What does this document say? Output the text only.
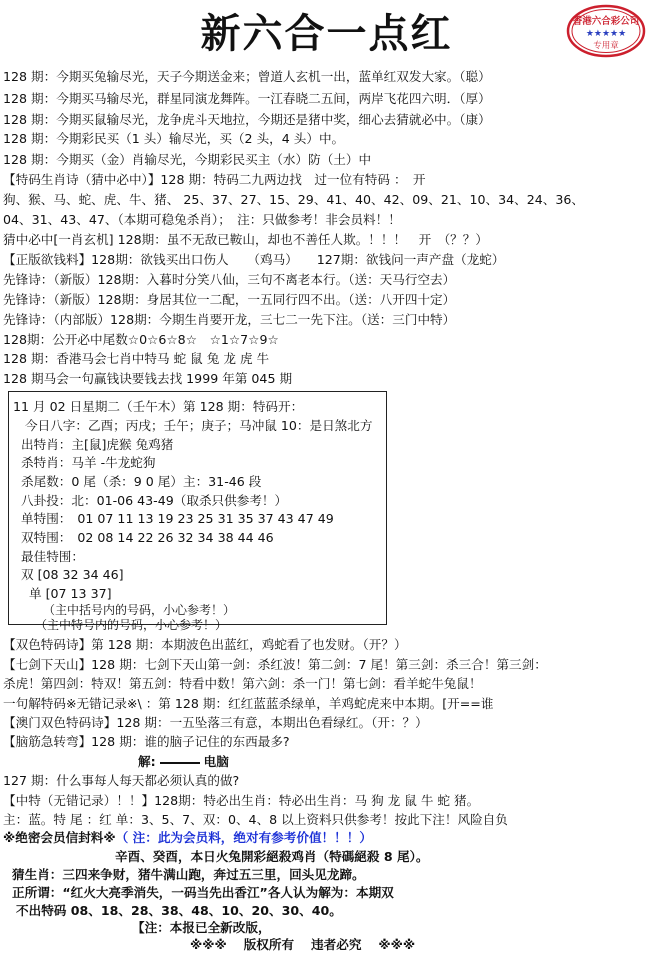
新六合一点红	香港六合彩公司
★★★★★
专用章
128 期：今期买兔输尽光，天子今期送金来；曾道人玄机一出，蓝单红双发大家。（聪）
128 期：今期买马输尽光，群星同演龙舞阵。一江春晓二五间，两岸飞花四六明．（厚）
128 期：今期买鼠输尽光，龙争虎斗天地拉，今期还是猪中奖，细心去猜就必中。（康）
128 期：今期彩民买（1 头）输尽光，买（2 头，4 头）中。
128 期：今期买（金）肖输尽光，今期彩民买主（水）防（土）中
【特码生肖诗（猜中必中）】128 期：特码二九两边找　过一位有特码 ：　开
狗、猴、马、蛇、虎、牛、猪、 25、37、27、15、29、41、40、42、09、21、10、34、24、36、
04、31、43、47、（本期可稳兔杀肖）；　注：只做参考！非会员料！！
猜中必中[一肖玄机] 128期：虽不无敌已鞍山，却也不善任人欺。！！！　开　（？？）
【正版欲钱料】128期：欲钱买出口伤人　　（鸡马）　　127期：欲钱问一声产盘（龙蛇）
先锋诗：（新版）128期：入暮时分笑八仙，三句不离老本行。（送：天马行空去）
先锋诗：（新版）128期：身居其位一二配，一五同行四不出。（送：八开四十定）
先锋诗：（内部版）128期：今期生肖要开龙，三七二一先下注。（送：三门中特）
128期：公开必中尾数☆0☆6☆8☆　☆1☆7☆9☆
128 期：香港马会七肖中特马 蛇 鼠 兔 龙 虎 牛
128 期马会一句赢钱诀要钱去找 1999 年第 045 期
11 月 02 日星期二（壬午木）第 128 期：特码开：
今日八字：乙酉；丙戌；壬午；庚子；马冲鼠 10：是日煞北方
出特肖：主[鼠]虎猴 兔鸡猪
杀特肖：马羊 -牛龙蛇狗
杀尾数：0 尾（杀：9 0 尾）主：31-46 段
八卦投：北：01-06 43-49（取杀只供参考！）
单特围： 01 07 11 13 19 23 25 31 35 37 43 47 49
双特围： 02 08 14 22 26 32 34 38 44 46
最佳特围：
双 [08 32 34 46]
单 [07 13 37]
（主中括号内的号码，小心参考！）
（主中特号内的号码，小心参考！）
【双色特码诗】第 128 期：本期波色出蓝红，鸡蛇看了也发财。（开？）
【七剑下天山】128 期：七剑下天山第一剑：杀红波！第二剑：7 尾！第三剑：杀三合！第三剑：
杀虎！第四剑：特双！第五剑：特看中数！第六剑：杀一门！第七剑：看羊蛇牛兔鼠！
一句解特码※无错记录※\ ：第 128 期：红红蓝蓝杀绿单，羊鸡蛇虎来中本期。[开==谁
【澳门双色特码诗】128 期：一五坠落三有意，本期出色看绿红。（开：？）
【脑筋急转弯】128 期：谁的脑子记住的东西最多?
解:	电脑
127 期：什么事每人每天都必须认真的做?
【中特（无错记录）！！】128期：特必出生肖：特必出生肖：马 狗 龙 鼠 牛 蛇 猪。
主：蓝。特 尾 ：红 单：3、5、7、双：0、4、8 以上资料只供参考！按此下注！风险自负
※绝密会员信封料※（ 注：此为会员料，绝对有参考价值！！！）
辛酉、癸酉，本日火兔開彩絕殺鸡肖（特碼絕殺 8 尾）。
猜生肖：三四来争财，猪牛满山跑，奔过五三里，回头见龙蹄。
正所谓：“红火大亮季消失，一码当先出香江”各人认为解为：本期双
不出特码 08、18、28、38、48、10、20、30、40。
【注：本报已全新改版，
※※※　 版权所有　 违者必究　 ※※※
